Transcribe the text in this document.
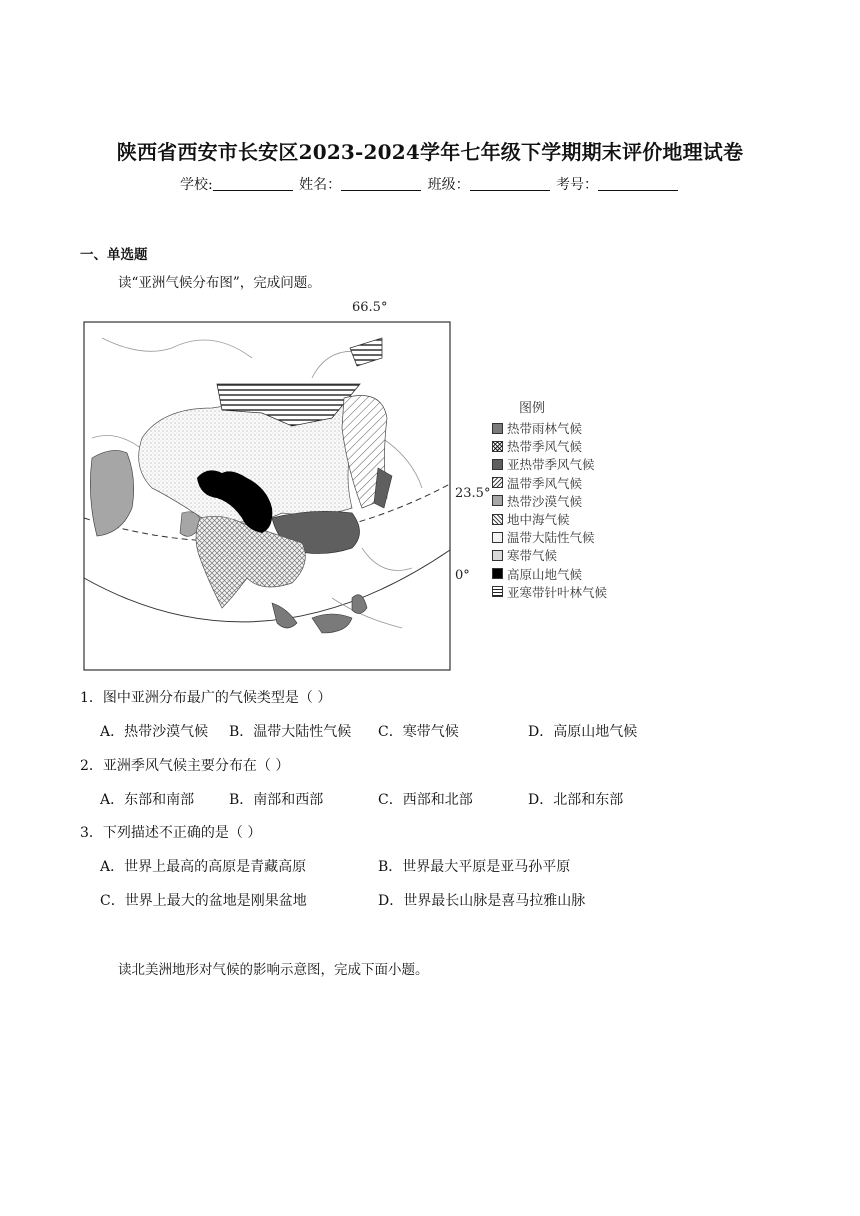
陕西省西安市长安区2023-2024学年七年级下学期期末评价地理试卷
学校:	姓名：	班级：	考号：
一、单选题
读“亚洲气候分布图”，完成问题。
66.5°
23.5°
0°
图例
热带雨林气候
热带季风气候
亚热带季风气候
温带季风气候
热带沙漠气候
地中海气候
温带大陆性气候
寒带气候
高原山地气候
亚寒带针叶林气候
1．图中亚洲分布最广的气候类型是（ ）
A．热带沙漠气候 B．温带大陆性气候 C．寒带气候	D．高原山地气候
2．亚洲季风气候主要分布在（ ）
A．东部和南部 B．南部和西部	C．西部和北部	D．北部和东部
3．下列描述不正确的是（ ）
A．世界上最高的高原是青藏高原	B．世界最大平原是亚马孙平原
C．世界上最大的盆地是刚果盆地	D．世界最长山脉是喜马拉雅山脉
读北美洲地形对气候的影响示意图，完成下面小题。
